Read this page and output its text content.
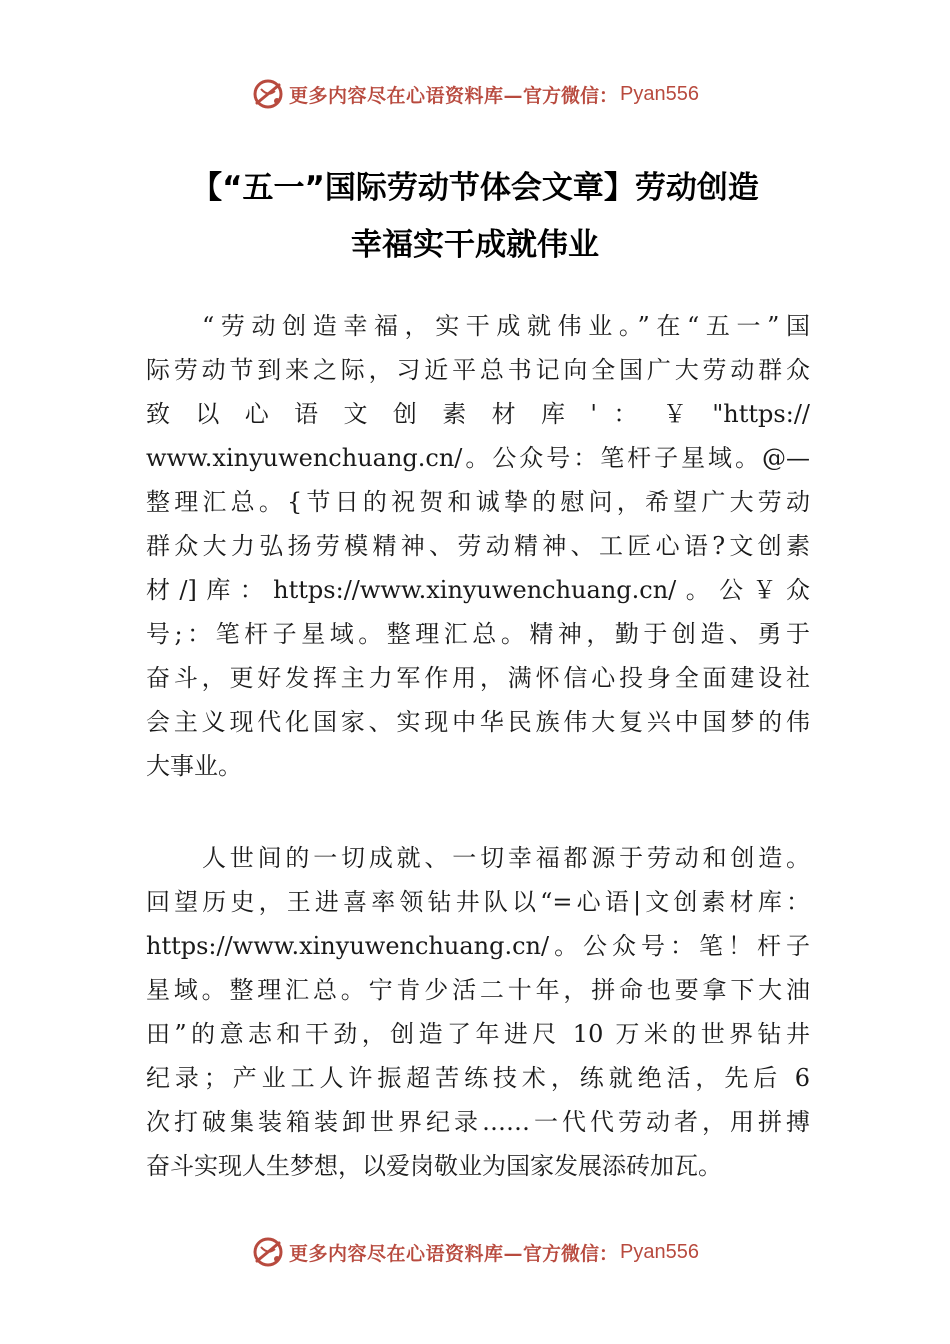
更多内容尽在心语资料库— 官方微信： Pyan556
【“五一”国际劳动节体会文章】劳动创造
幸福实干成就伟业
“劳动创造幸福，实干成就伟业。”在“五一”国
际劳动节到来之际，习近平总书记向全国广大劳动群众
致 以 心 语 文 创 素 材 库 ' ： ￥ "https://
www.xinyuwenchuang.cn/。公众号：笔杆子星域。@—
整理汇总。{节日的祝贺和诚挚的慰问，希望广大劳动
群众大力弘扬劳模精神、劳动精神、工匠心语?文创素
材/]库：https://www.xinyuwenchuang.cn/。公￥众
号;：笔杆子星域。整理汇总。精神，勤于创造、勇于
奋斗，更好发挥主力军作用，满怀信心投身全面建设社
会主义现代化国家、实现中华民族伟大复兴中国梦的伟
大事业。
人世间的一切成就、一切幸福都源于劳动和创造。
回望历史，王进喜率领钻井队以“=心语|文创素材库：
https://www.xinyuwenchuang.cn/。公众号：笔！杆子
星域。整理汇总。宁肯少活二十年，拼命也要拿下大油
田”的意志和干劲，创造了年进尺 10 万米的世界钻井
纪录；产业工人许振超苦练技术，练就绝活，先后 6
次打破集装箱装卸世界纪录……一代代劳动者，用拼搏
奋斗实现人生梦想，以爱岗敬业为国家发展添砖加瓦。
更多内容尽在心语资料库— 官方微信： Pyan556
